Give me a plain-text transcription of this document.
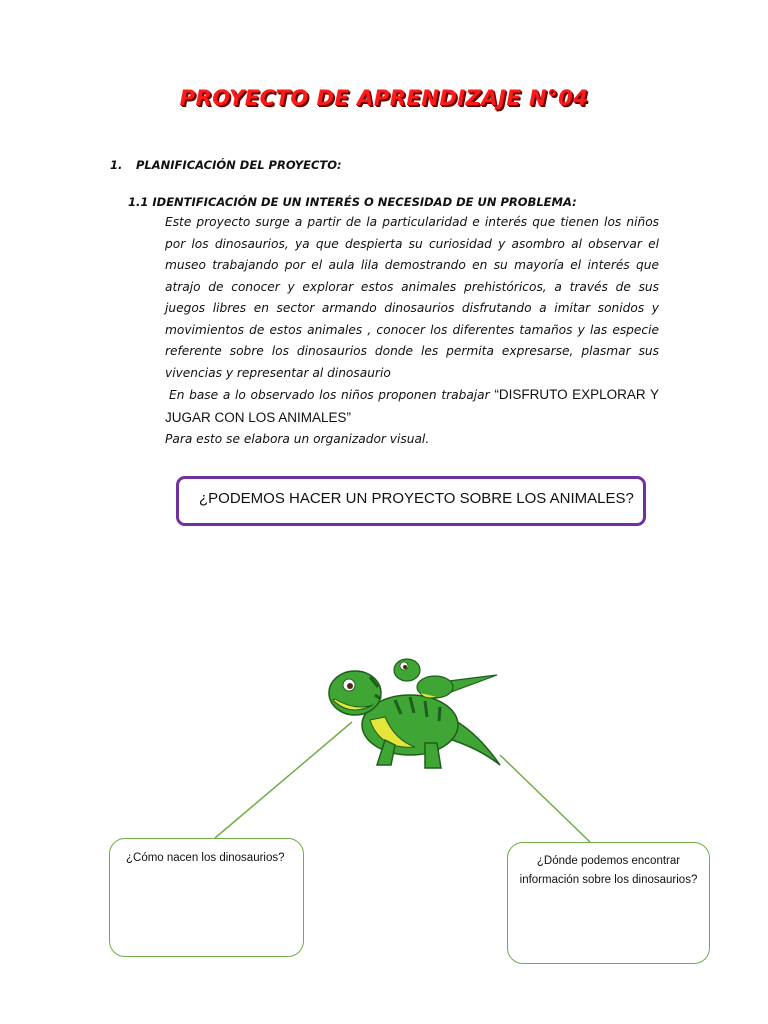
PROYECTO DE APRENDIZAJE N°04
1. PLANIFICACIÓN DEL PROYECTO:
1.1 IDENTIFICACIÓN DE UN INTERÉS O NECESIDAD DE UN PROBLEMA:

Este proyecto surge a partir de la particularidad e interés que tienen los niños por los dinosaurios, ya que despierta su curiosidad y asombro al observar el museo trabajando por el aula lila demostrando en su mayoría el interés que atrajo de conocer y explorar estos animales prehistóricos, a través de sus juegos libres en sector armando dinosaurios disfrutando a imitar sonidos y movimientos de estos animales , conocer los diferentes tamaños y las especie referente sobre los dinosaurios donde les permita expresarse, plasmar sus vivencias y representar al dinosaurio

En base a lo observado los niños proponen trabajar “DISFRUTO EXPLORAR Y JUGAR CON LOS ANIMALES”

Para esto se elabora un organizador visual.

¿PODEMOS HACER UN PROYECTO SOBRE LOS ANIMALES?
¿Cómo nacen los dinosaurios?	¿Dónde podemos encontrar información sobre los dinosaurios?
